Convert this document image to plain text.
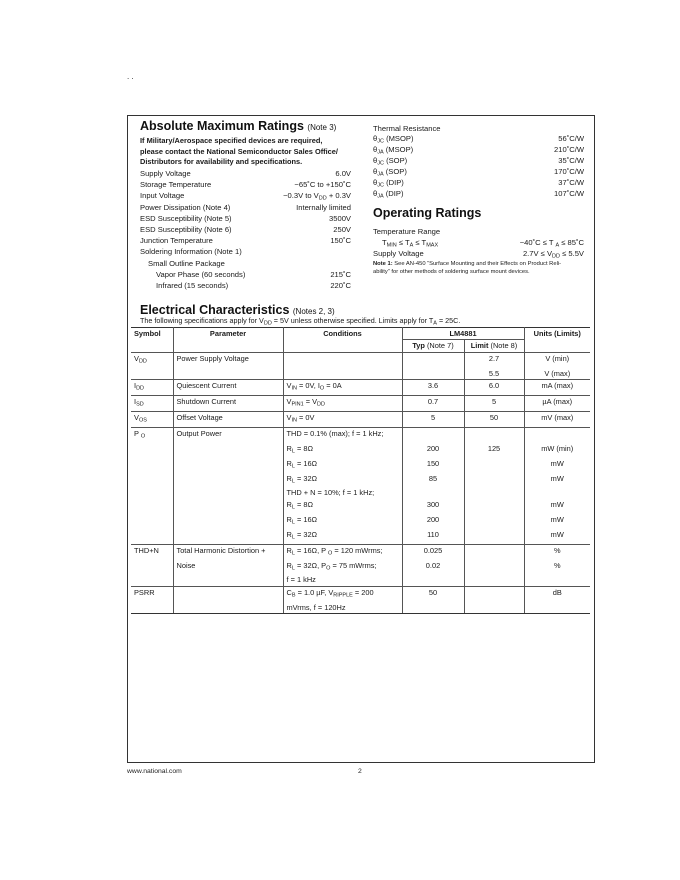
. .
Absolute Maximum Ratings (Note 3)
If Military/Aerospace specified devices are required,
please contact the National Semiconductor Sales Office/
Distributors for availability and specifications.
Supply Voltage	6.0V
Storage Temperature	−65˚C to +150˚C
Input Voltage	−0.3V to $V_{DD} + 0.3V$
Power Dissipation (Note 4)	Internally limited
ESD Susceptibility (Note 5)	3500V
ESD Susceptibility (Note 6)	250V
Junction Temperature	150˚C
Soldering Information (Note 1)
Small Outline Package
Vapor Phase (60 seconds)	215˚C
Infrared (15 seconds)	220˚C
Thermal Resistance
$\theta_{JC}$ (MSOP)	56˚C/W
$\theta_{JA}$ (MSOP)	210˚C/W
$\theta_{JC}$ (SOP)	35˚C/W
$\theta_{JA}$ (SOP)	170˚C/W
$\theta_{JC}$ (DIP)	37˚C/W
$\theta_{JA}$ (DIP)	107˚C/W
Operating Ratings
Temperature Range
$T_{MIN} \le T_A \le T_{MAX}$	−40˚C ≤ T $_A$ ≤ 85˚C
Supply Voltage	$2.7V \le V_{DD} \le 5.5V$
Note 1: See AN-450 “Surface Mounting and their Effects on Product Reli-
ability” for other methods of soldering surface mount devices.
Electrical Characteristics (Notes 2, 3)
The following specifications apply for $V_{DD} = 5V$ unless otherwise specified. Limits apply for $T_A = 25C$.
Symbol	Parameter	Conditions	LM4881		Units (Limits)
			Typ (Note 7)	Limit (Note 8)	
$V_{DD}$	Power Supply Voltage			2.7	V (min)
				5.5	V (max)
$I_{DD}$	Quiescent Current	$V_{IN} = 0V$, $I_O = 0A$	3.6	6.0	mA (max)
$I_{SD}$	Shutdown Current	$V_{PIN1} = V_{DD}$	0.7	5	µA (max)
$V_{OS}$	Offset Voltage	$V_{IN} = 0V$	5	50	mV (max)
P $_O$	Output Power	THD = 0.1% (max); f = 1 kHz;			
		$R_L = 8\Omega$	200	125	mW (min)
		$R_L = 16\Omega$	150		mW
		$R_L = 32\Omega$	85		mW
		THD + N = 10%; f = 1 kHz;			
		$R_L = 8\Omega$	300		mW
		$R_L = 16\Omega$	200		mW
		$R_L = 32\Omega$	110		mW
THD+N	Total Harmonic Distortion +	$R_L = 16\Omega$, P $_O$ = 120 mWrms;	0.025		%
	Noise	$R_L = 32\Omega$, $P_O = 75$ mWrms;	0.02		%
		f = 1 kHz			
PSRR		$C_B = 1.0$ µF, $V_{RIPPLE} = 200$	50		dB
		mVrms, f = 120Hz			
www.national.com	2
